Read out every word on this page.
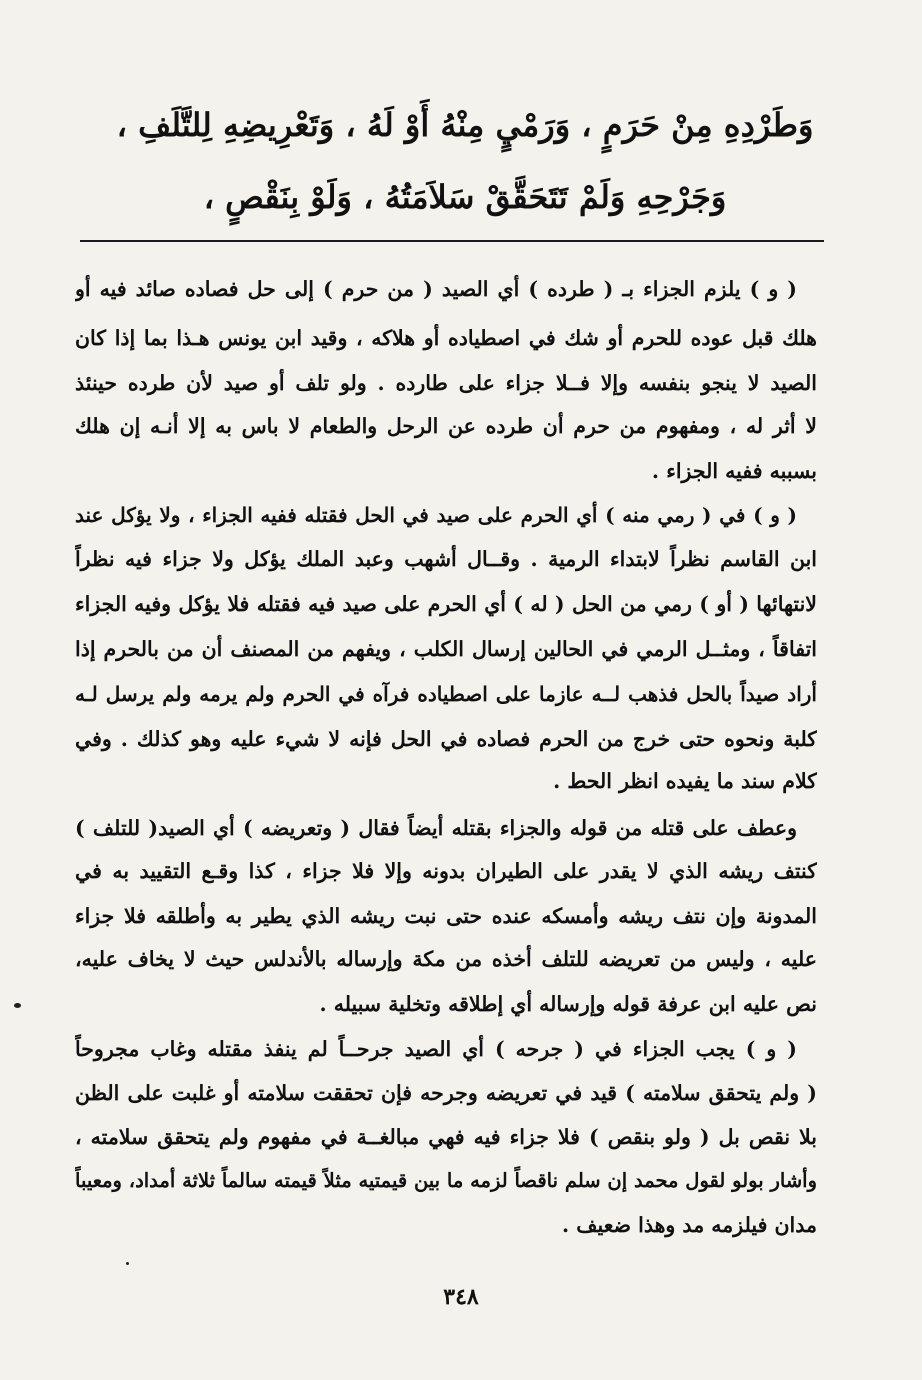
وَطَرْدِهِ مِنْ حَرَمٍ ، وَرَمْيٍ مِنْهُ أَوْ لَهُ ، وَتَعْرِيضِهِ لِلتَّلَفِ ،
وَجَرْحِهِ وَلَمْ تَتَحَقَّقْ سَلاَمَتُهُ ، وَلَوْ بِنَقْصٍ ،
( و ) يلزم الجزاء بـ ( طرده ) أي الصيد ( من حرم ) إلى حل فصاده صائد فيه أو
هلك قبل عوده للحرم أو شك في اصطياده أو هلاكه ، وقيد ابن يونس هـذا بما إذا كان
الصيد لا ينجو بنفسه وإلا فــلا جزاء على طارده . ولو تلف أو صيد لأن طرده حينئذ
لا أثر له ، ومفهوم من حرم أن طرده عن الرحل والطعام لا باس به إلا أنـه إن هلك
بسببه ففيه الجزاء .
( و ) في ( رمي منه ) أي الحرم على صيد في الحل فقتله ففيه الجزاء ، ولا يؤكل عند
ابن القاسم نظراً لابتداء الرمية . وقــال أشهب وعبد الملك يؤكل ولا جزاء فيه نظراً
لانتهائها ( أو ) رمي من الحل ( له ) أي الحرم على صيد فيه فقتله فلا يؤكل وفيه الجزاء
اتفاقاً ، ومثــل الرمي في الحالين إرسال الكلب ، ويفهم من المصنف أن من بالحرم إذا
أراد صيداً بالحل فذهب لــه عازما على اصطياده فرآه في الحرم ولم يرمه ولم يرسل لـه
كلبة ونحوه حتى خرج من الحرم فصاده في الحل فإنه لا شيء عليه وهو كذلك . وفي
كلام سند ما يفيده انظر الحط .
وعطف على قتله من قوله والجزاء بقتله أيضاً فقال ( وتعريضه ) أي الصيد( للتلف )
كنتف ريشه الذي لا يقدر على الطيران بدونه وإلا فلا جزاء ، كذا وقـع التقييد به في
المدونة وإن نتف ريشه وأمسكه عنده حتى نبت ريشه الذي يطير به وأطلقه فلا جزاء
عليه ، وليس من تعريضه للتلف أخذه من مكة وإرساله بالأندلس حيث لا يخاف عليه،
نص عليه ابن عرفة قوله وإرساله أي إطلاقه وتخلية سبيله .
( و ) يجب الجزاء في ( جرحه ) أي الصيد جرحــاً لم ينفذ مقتله وغاب مجروحاً
( ولم يتحقق سلامته ) قيد في تعريضه وجرحه فإن تحققت سلامته أو غلبت على الظن
بلا نقص بل ( ولو بنقص ) فلا جزاء فيه فهي مبالغــة في مفهوم ولم يتحقق سلامته ،
وأشار بولو لقول محمد إن سلم ناقصاً لزمه ما بين قيمتيه مثلاً قيمته سالماً ثلاثة أمداد، ومعيباً
مدان فيلزمه مد وهذا ضعيف .
٣٤٨
